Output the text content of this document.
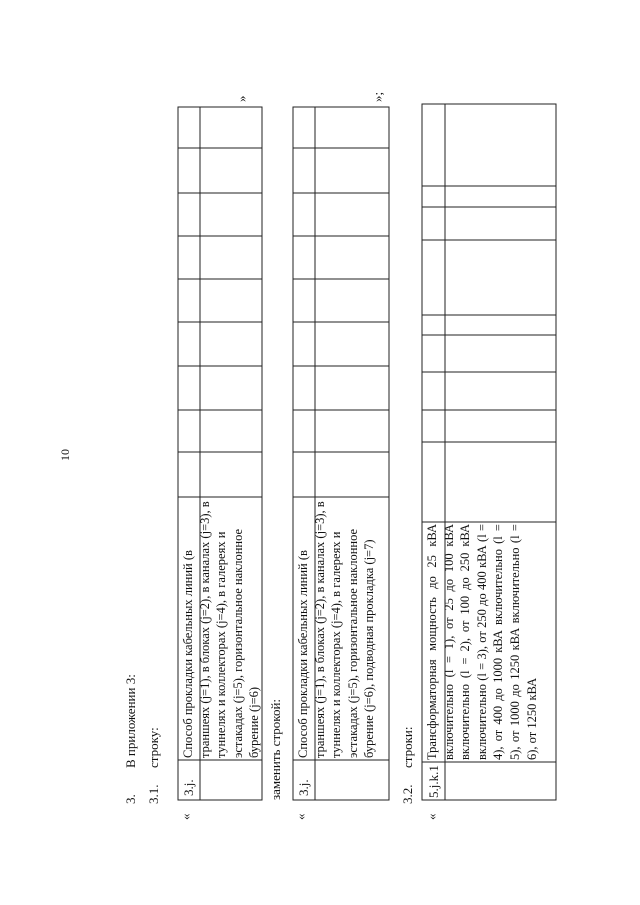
10
3.
В приложении 3:
3.1.
строку:
«
»
3.j.
Способ прокладки кабельных линий (в траншеях (j=1), в блоках (j=2), в каналах (j=3), в туннелях и коллекторах (j=4), в галереях и эстакадах (j=5), горизонтальное наклонное бурение (j=6) заменить строкой:
«
»;
3.j.
Способ прокладки кабельных линий (в траншеях (j=1), в блоках (j=2), в каналах (j=3), в туннелях и коллекторах (j=4), в галереях и эстакадах (j=5), горизонтальное наклонное бурение (j=6), подводная прокладка (j=7)
3.2.
строки:
«
5.j.k.1
Трансформаторная мощность до 25 кВА включительно (l = 1), от 25 до 100 кВА включительно (l = 2), от 100 до 250 кВА включительно (l = 3), от 250 до 400 кВА (l = 4), от 400 до 1000 кВА включительно (l = 5), от 1000 до 1250 кВА включительно (l = 6), от 1250 кВА
